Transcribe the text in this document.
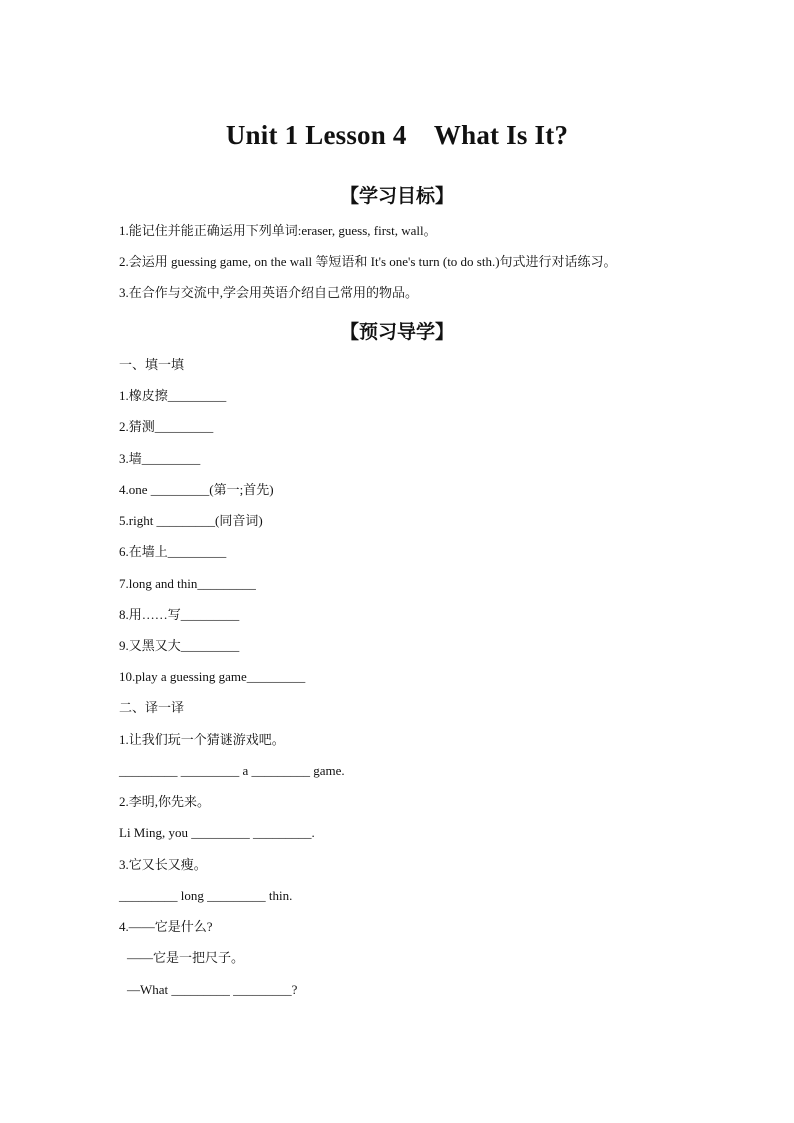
Unit 1 Lesson 4    What Is It?
【学习目标】
1.能记住并能正确运用下列单词:eraser, guess, first, wall。
2.会运用 guessing game, on the wall 等短语和 It's one's turn (to do sth.)句式进行对话练习。
3.在合作与交流中,学会用英语介绍自己常用的物品。
【预习导学】
一、填一填
1.橡皮擦_________
2.猜测_________
3.墙_________
4.one _________(第一;首先)
5.right _________(同音词)
6.在墙上_________
7.long and thin_________
8.用……写_________
9.又黑又大_________
10.play a guessing game_________
二、译一译
1.让我们玩一个猜谜游戏吧。
_________ _________ a _________ game.
2.李明,你先来。
Li Ming, you _________ _________.
3.它又长又瘦。
_________ long _________ thin.
4.——它是什么?
——它是一把尺子。
—What _________ _________?
